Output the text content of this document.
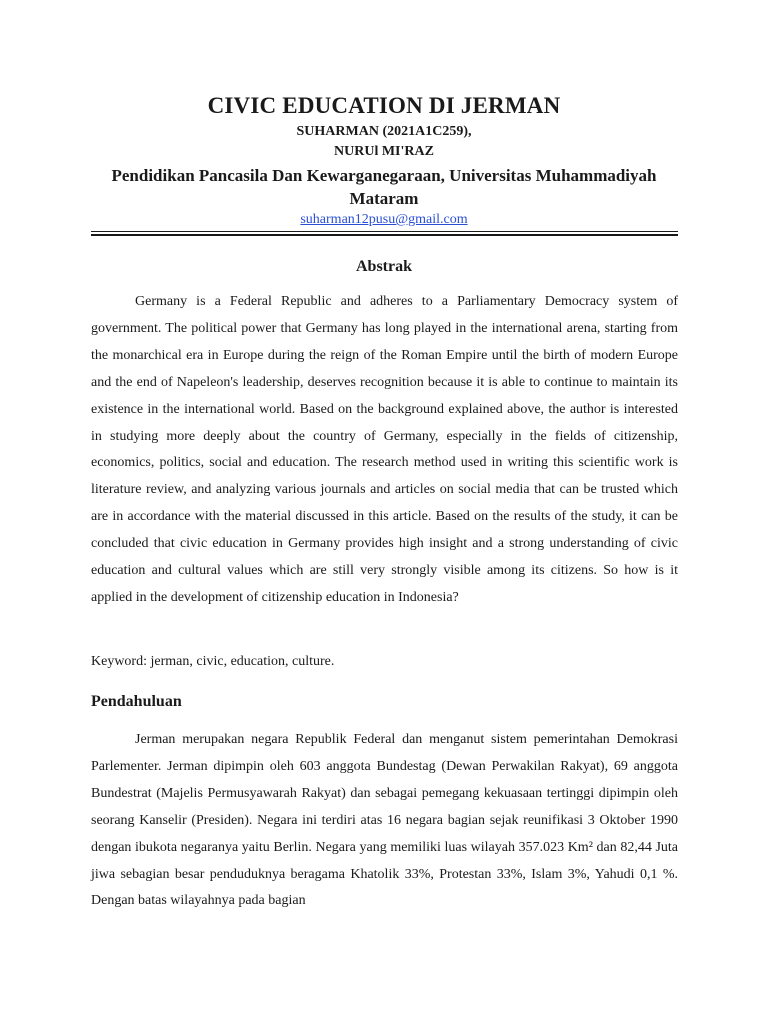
CIVIC EDUCATION DI JERMAN
SUHARMAN (2021A1C259),
NURUl MI'RAZ
Pendidikan Pancasila Dan Kewarganegaraan, Universitas Muhammadiyah Mataram
suharman12pusu@gmail.com
Abstrak

Germany is a Federal Republic and adheres to a Parliamentary Democracy system of government. The political power that Germany has long played in the international arena, starting from the monarchical era in Europe during the reign of the Roman Empire until the birth of modern Europe and the end of Napeleon's leadership, deserves recognition because it is able to continue to maintain its existence in the international world. Based on the background explained above, the author is interested in studying more deeply about the country of Germany, especially in the fields of citizenship, economics, politics, social and education. The research method used in writing this scientific work is literature review, and analyzing various journals and articles on social media that can be trusted which are in accordance with the material discussed in this article. Based on the results of the study, it can be concluded that civic education in Germany provides high insight and a strong understanding of civic education and cultural values which are still very strongly visible among its citizens. So how is it applied in the development of citizenship education in Indonesia?

Keyword: jerman, civic, education, culture.
Pendahuluan

Jerman merupakan negara Republik Federal dan menganut sistem pemerintahan Demokrasi Parlementer. Jerman dipimpin oleh 603 anggota Bundestag (Dewan Perwakilan Rakyat), 69 anggota Bundestrat (Majelis Permusyawarah Rakyat) dan sebagai pemegang kekuasaan tertinggi dipimpin oleh seorang Kanselir (Presiden). Negara ini terdiri atas 16 negara bagian sejak reunifikasi 3 Oktober 1990 dengan ibukota negaranya yaitu Berlin. Negara yang memiliki luas wilayah 357.023 Km² dan 82,44 Juta jiwa sebagian besar penduduknya beragama Khatolik 33%, Protestan 33%, Islam 3%, Yahudi 0,1 %. Dengan batas wilayahnya pada bagian
